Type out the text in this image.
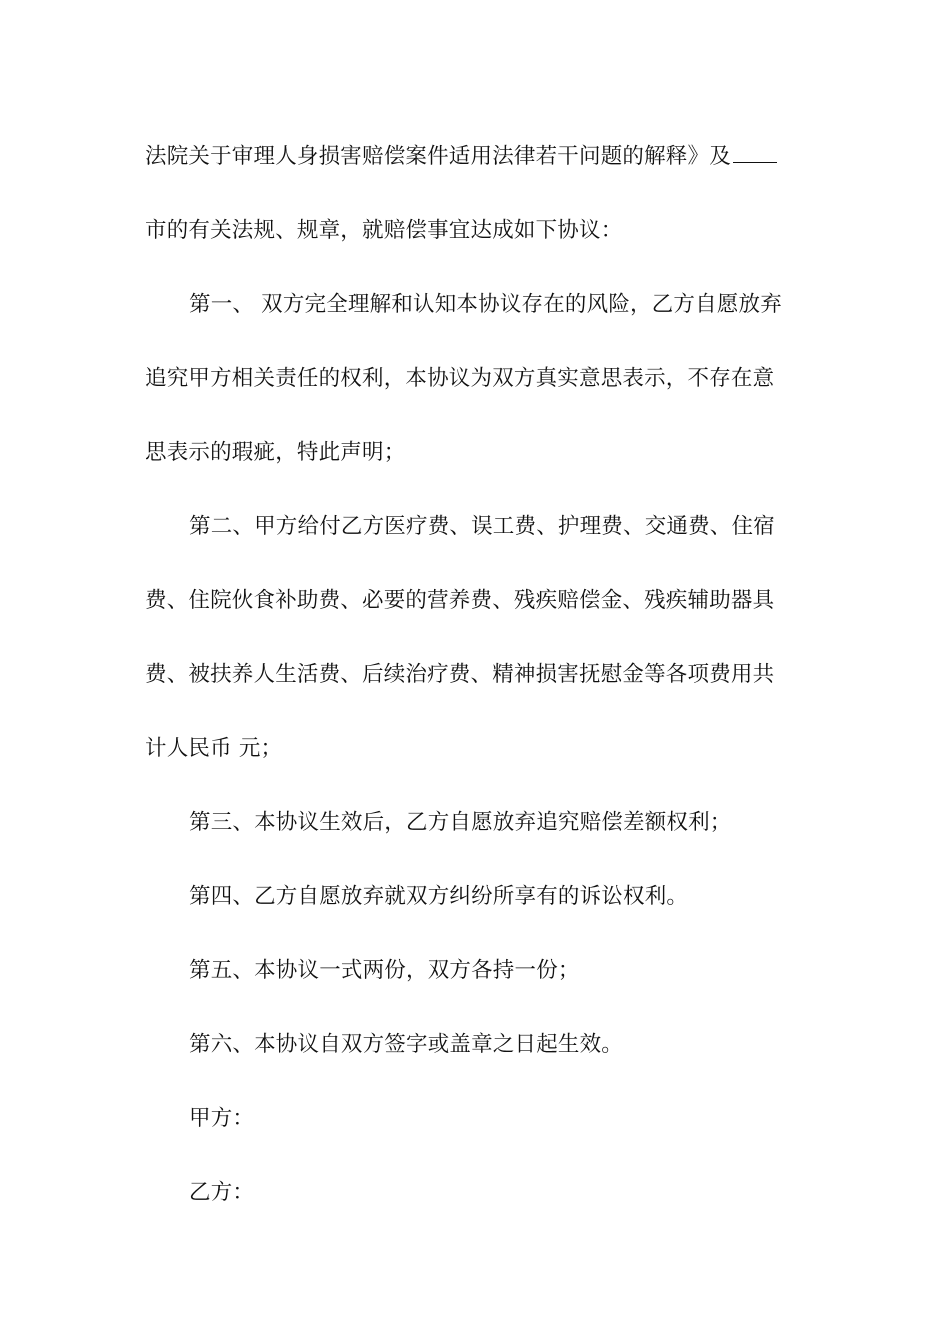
法院关于审理人身损害赔偿案件适用法律若干问题的解释》及
市的有关法规、规章，就赔偿事宜达成如下协议：
第一、 双方完全理解和认知本协议存在的风险，乙方自愿放弃
追究甲方相关责任的权利，本协议为双方真实意思表示，不存在意
思表示的瑕疵，特此声明；
第二、甲方给付乙方医疗费、误工费、护理费、交通费、住宿
费、住院伙食补助费、必要的营养费、残疾赔偿金、残疾辅助器具
费、被扶养人生活费、后续治疗费、精神损害抚慰金等各项费用共
计人民币 元；
第三、本协议生效后，乙方自愿放弃追究赔偿差额权利；
第四、乙方自愿放弃就双方纠纷所享有的诉讼权利。
第五、本协议一式两份，双方各持一份；
第六、本协议自双方签字或盖章之日起生效。
甲方：
乙方：
